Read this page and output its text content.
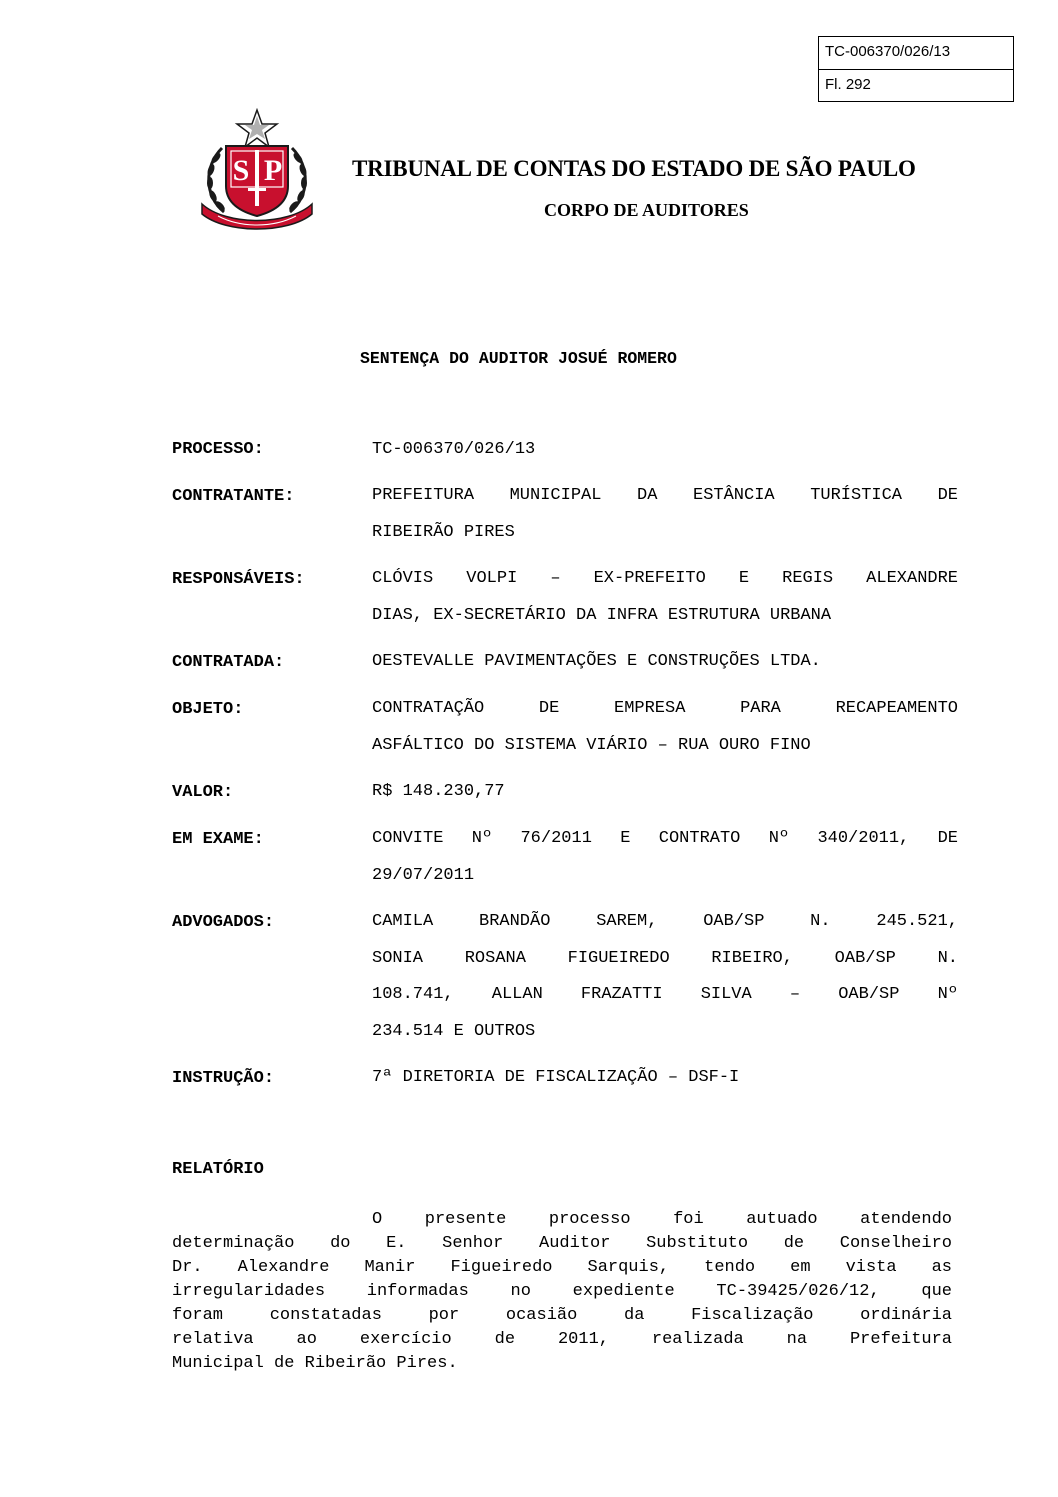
TC-006370/026/13
Fl. 292
S P	TRIBUNAL DE CONTAS DO ESTADO DE SÃO PAULO
CORPO DE AUDITORES
SENTENÇA DO AUDITOR JOSUÉ ROMERO
PROCESSO:	TC-006370/026/13
CONTRATANTE:	PREFEITURA MUNICIPAL DA ESTÂNCIA TURÍSTICA DE
RIBEIRÃO PIRES
RESPONSÁVEIS:	CLÓVIS VOLPI – EX-PREFEITO E REGIS ALEXANDRE
DIAS, EX-SECRETÁRIO DA INFRA ESTRUTURA URBANA
CONTRATADA:	OESTEVALLE PAVIMENTAÇÕES E CONSTRUÇÕES LTDA.
OBJETO:	CONTRATAÇÃO DE EMPRESA PARA RECAPEAMENTO
ASFÁLTICO DO SISTEMA VIÁRIO – RUA OURO FINO
VALOR:	R$ 148.230,77
EM EXAME:	CONVITE Nº 76/2011 E CONTRATO Nº 340/2011, DE
29/07/2011
ADVOGADOS:	CAMILA BRANDÃO SAREM, OAB/SP N. 245.521,
SONIA ROSANA FIGUEIREDO RIBEIRO, OAB/SP N.
108.741, ALLAN FRAZATTI SILVA – OAB/SP Nº
234.514 E OUTROS
INSTRUÇÃO:	7ª DIRETORIA DE FISCALIZAÇÃO – DSF-I
RELATÓRIO
O presente processo foi autuado atendendo
determinação do E. Senhor Auditor Substituto de Conselheiro
Dr. Alexandre Manir Figueiredo Sarquis, tendo em vista as
irregularidades informadas no expediente TC-39425/026/12, que
foram constatadas por ocasião da Fiscalização ordinária
relativa ao exercício de 2011, realizada na Prefeitura
Municipal de Ribeirão Pires.
